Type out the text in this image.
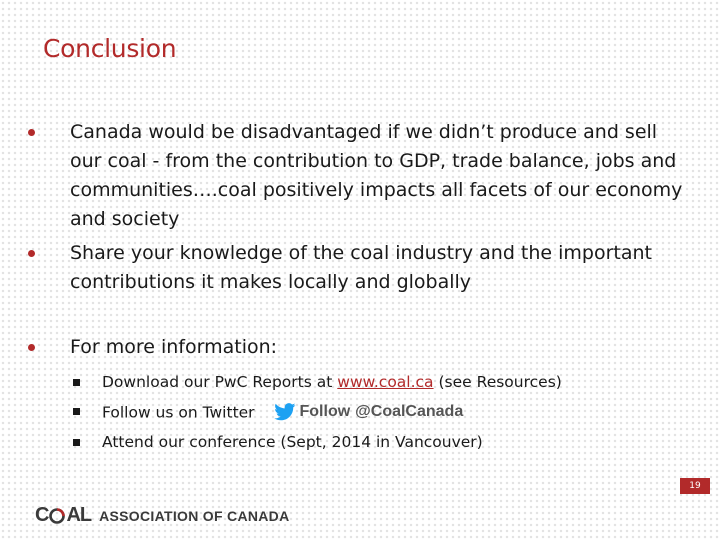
Conclusion
Canada would be disadvantaged if we didn’t produce and sell our coal - from the contribution to GDP, trade balance, jobs and communities….coal positively impacts all facets of our economy and society
Share your knowledge of the coal industry and the important contributions it makes locally and globally
For more information:
Download our PwC Reports at www.coal.ca (see Resources)
Follow us on Twitter	Follow @CoalCanada
Attend our conference (Sept, 2014 in Vancouver)
C AL ASSOCIATION OF CANADA
19
